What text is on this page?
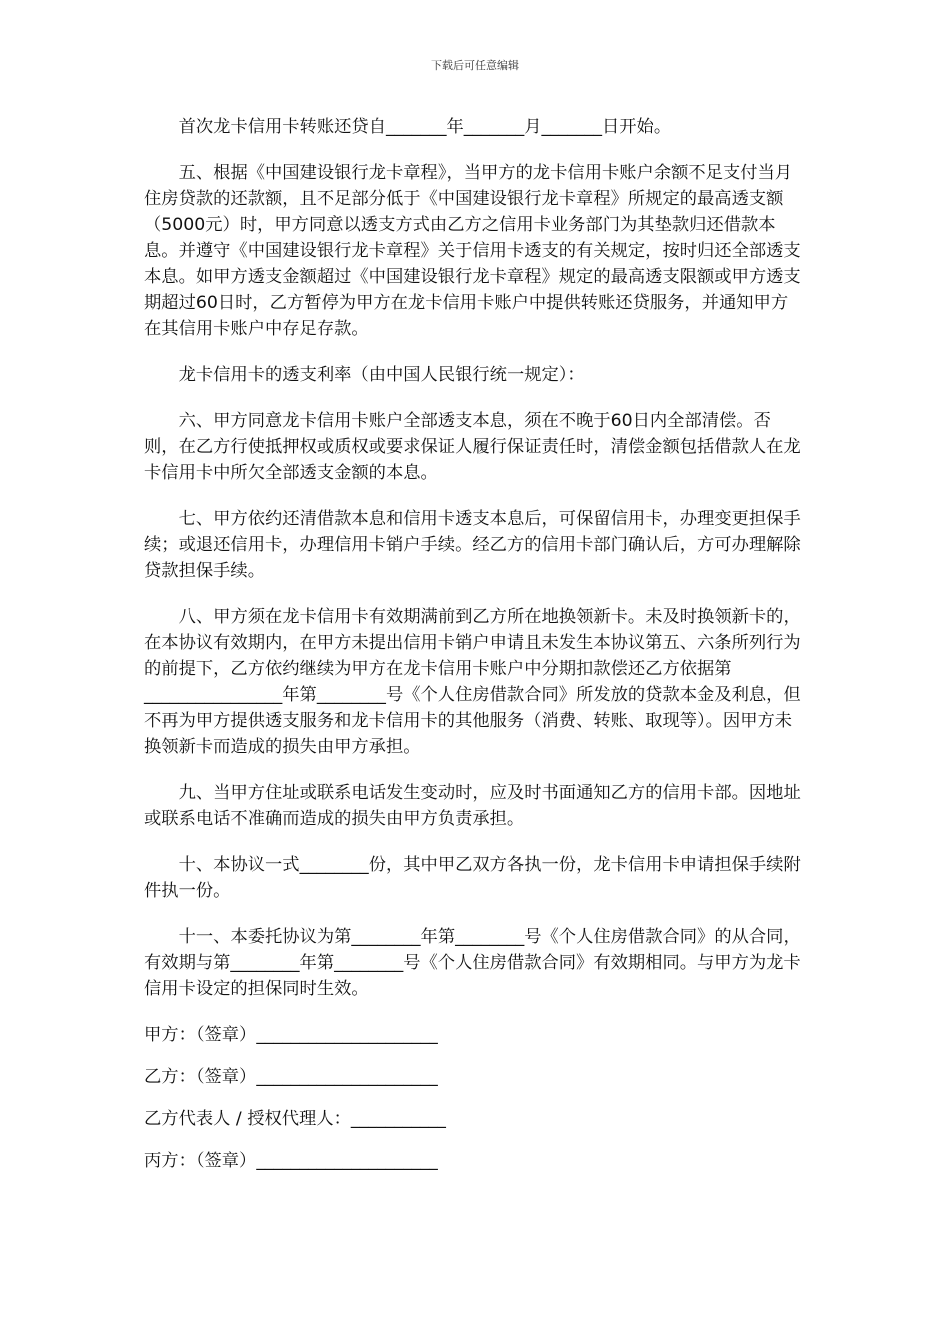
下载后可任意编辑

首次龙卡信用卡转账还贷自_______年_______月_______日开始。

五、根据《中国建设银行龙卡章程》，当甲方的龙卡信用卡账户余额不足支付当月住房贷款的还款额，且不足部分低于《中国建设银行龙卡章程》所规定的最高透支额（5000元）时，甲方同意以透支方式由乙方之信用卡业务部门为其垫款归还借款本息。并遵守《中国建设银行龙卡章程》关于信用卡透支的有关规定，按时归还全部透支本息。如甲方透支金额超过《中国建设银行龙卡章程》规定的最高透支限额或甲方透支期超过60日时，乙方暂停为甲方在龙卡信用卡账户中提供转账还贷服务，并通知甲方在其信用卡账户中存足存款。

龙卡信用卡的透支利率（由中国人民银行统一规定）：

六、甲方同意龙卡信用卡账户全部透支本息，须在不晚于60日内全部清偿。否则，在乙方行使抵押权或质权或要求保证人履行保证责任时，清偿金额包括借款人在龙卡信用卡中所欠全部透支金额的本息。

七、甲方依约还清借款本息和信用卡透支本息后，可保留信用卡，办理变更担保手续；或退还信用卡，办理信用卡销户手续。经乙方的信用卡部门确认后，方可办理解除贷款担保手续。

八、甲方须在龙卡信用卡有效期满前到乙方所在地换领新卡。未及时换领新卡的，在本协议有效期内，在甲方未提出信用卡销户申请且未发生本协议第五、六条所列行为的前提下，乙方依约继续为甲方在龙卡信用卡账户中分期扣款偿还乙方依据第________________年第________号《个人住房借款合同》所发放的贷款本金及利息，但不再为甲方提供透支服务和龙卡信用卡的其他服务（消费、转账、取现等）。因甲方未换领新卡而造成的损失由甲方承担。

九、当甲方住址或联系电话发生变动时，应及时书面通知乙方的信用卡部。因地址或联系电话不准确而造成的损失由甲方负责承担。

十、本协议一式________份，其中甲乙双方各执一份，龙卡信用卡申请担保手续附件执一份。

十一、本委托协议为第________年第________号《个人住房借款合同》的从合同，有效期与第________年第________号《个人住房借款合同》有效期相同。与甲方为龙卡信用卡设定的担保同时生效。

甲方：（签章）_____________________
乙方：（签章）_____________________
乙方代表人 / 授权代理人：___________
丙方：（签章）_____________________
